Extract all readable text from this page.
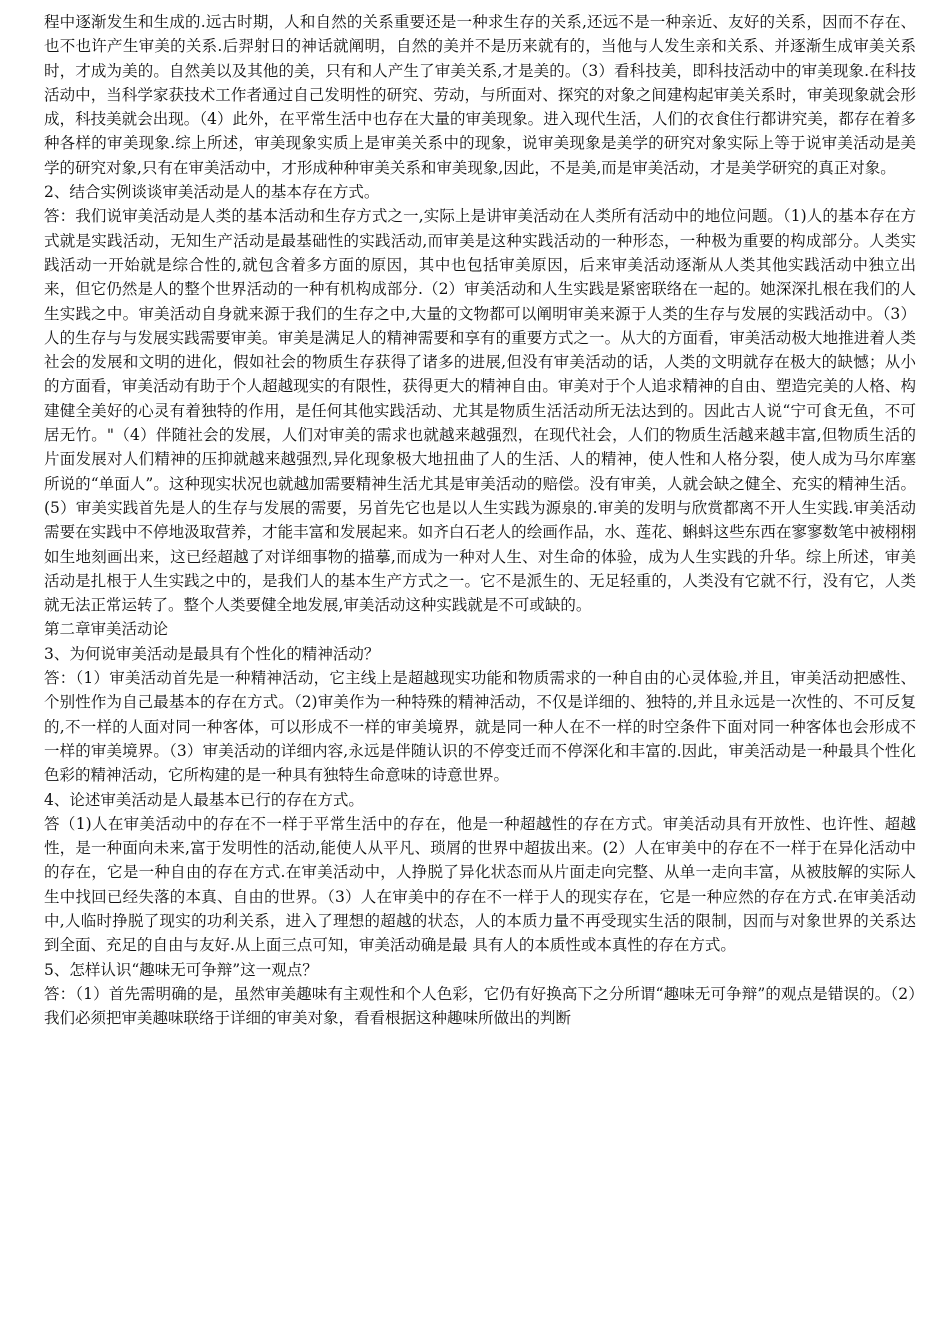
程中逐渐发生和生成的.远古时期，人和自然的关系重要还是一种求生存的关系,还远不是一种亲近、友好的关系，因而不存在、也不也许产生审美的关系.后羿射日的神话就阐明，自然的美并不是历来就有的，当他与人发生亲和关系、并逐渐生成审美关系时，才成为美的。自然美以及其他的美，只有和人产生了审美关系,才是美的。（3）看科技美，即科技活动中的审美现象.在科技活动中，当科学家获技术工作者通过自己发明性的研究、劳动，与所面对、探究的对象之间建构起审美关系时，审美现象就会形成，科技美就会出现。（4）此外，在平常生活中也存在大量的审美现象。进入现代生活，人们的衣食住行都讲究美，都存在着多种各样的审美现象.综上所述，审美现象实质上是审美关系中的现象，说审美现象是美学的研究对象实际上等于说审美活动是美学的研究对象,只有在审美活动中，才形成种种审美关系和审美现象,因此，不是美,而是审美活动，才是美学研究的真正对象。

2、结合实例谈谈审美活动是人的基本存在方式。

答：我们说审美活动是人类的基本活动和生存方式之一,实际上是讲审美活动在人类所有活动中的地位问题。（1)人的基本存在方式就是实践活动，无知生产活动是最基础性的实践活动,而审美是这种实践活动的一种形态，一种极为重要的构成部分。人类实践活动一开始就是综合性的,就包含着多方面的原因，其中也包括审美原因，后来审美活动逐渐从人类其他实践活动中独立出来，但它仍然是人的整个世界活动的一种有机构成部分.（2）审美活动和人生实践是紧密联络在一起的。她深深扎根在我们的人生实践之中。审美活动自身就来源于我们的生存之中,大量的文物都可以阐明审美来源于人类的生存与发展的实践活动中。（3）人的生存与与发展实践需要审美。审美是满足人的精神需要和享有的重要方式之一。从大的方面看，审美活动极大地推进着人类社会的发展和文明的进化，假如社会的物质生存获得了诸多的进展,但没有审美活动的话，人类的文明就存在极大的缺憾；从小的方面看，审美活动有助于个人超越现实的有限性，获得更大的精神自由。审美对于个人追求精神的自由、塑造完美的人格、构建健全美好的心灵有着独特的作用，是任何其他实践活动、尤其是物质生活活动所无法达到的。因此古人说“宁可食无鱼，不可居无竹。"（4）伴随社会的发展，人们对审美的需求也就越来越强烈，在现代社会，人们的物质生活越来越丰富,但物质生活的片面发展对人们精神的压抑就越来越强烈,异化现象极大地扭曲了人的生活、人的精神，使人性和人格分裂，使人成为马尔库塞所说的“单面人”。这种现实状况也就越加需要精神生活尤其是审美活动的赔偿。没有审美，人就会缺之健全、充实的精神生活。(5）审美实践首先是人的生存与发展的需要，另首先它也是以人生实践为源泉的.审美的发明与欣赏都离不开人生实践.审美活动需要在实践中不停地汲取营养，才能丰富和发展起来。如齐白石老人的绘画作品，水、莲花、蝌蚪这些东西在寥寥数笔中被栩栩如生地刻画出来，这已经超越了对详细事物的描摹,而成为一种对人生、对生命的体验，成为人生实践的升华。综上所述，审美活动是扎根于人生实践之中的，是我们人的基本生产方式之一。它不是派生的、无足轻重的，人类没有它就不行，没有它，人类就无法正常运转了。整个人类要健全地发展,审美活动这种实践就是不可或缺的。

第二章审美活动论

3、为何说审美活动是最具有个性化的精神活动？

答：（1）审美活动首先是一种精神活动，它主线上是超越现实功能和物质需求的一种自由的心灵体验,并且，审美活动把感性、个别性作为自己最基本的存在方式。（2)审美作为一种特殊的精神活动，不仅是详细的、独特的,并且永远是一次性的、不可反复的,不一样的人面对同一种客体，可以形成不一样的审美境界，就是同一种人在不一样的时空条件下面对同一种客体也会形成不一样的审美境界。（3）审美活动的详细内容,永远是伴随认识的不停变迁而不停深化和丰富的.因此，审美活动是一种最具个性化色彩的精神活动，它所构建的是一种具有独特生命意味的诗意世界。

4、论述审美活动是人最基本已行的存在方式。

答（1)人在审美活动中的存在不一样于平常生活中的存在，他是一种超越性的存在方式。审美活动具有开放性、也许性、超越性，是一种面向未来,富于发明性的活动,能使人从平凡、琐屑的世界中超拔出来。(2）人在审美中的存在不一样于在异化活动中的存在，它是一种自由的存在方式.在审美活动中，人挣脱了异化状态而从片面走向完整、从单一走向丰富，从被肢解的实际人生中找回已经失落的本真、自由的世界。（3）人在审美中的存在不一样于人的现实存在，它是一种应然的存在方式.在审美活动中,人临时挣脱了现实的功利关系，进入了理想的超越的状态，人的本质力量不再受现实生活的限制，因而与对象世界的关系达到全面、充足的自由与友好.从上面三点可知，审美活动确是最 具有人的本质性或本真性的存在方式。

5、怎样认识“趣味无可争辩”这一观点？

答：（1）首先需明确的是，虽然审美趣味有主观性和个人色彩，它仍有好换高下之分所谓“趣味无可争辩”的观点是错误的。（2）我们必须把审美趣味联络于详细的审美对象，看看根据这种趣味所做出的判断
